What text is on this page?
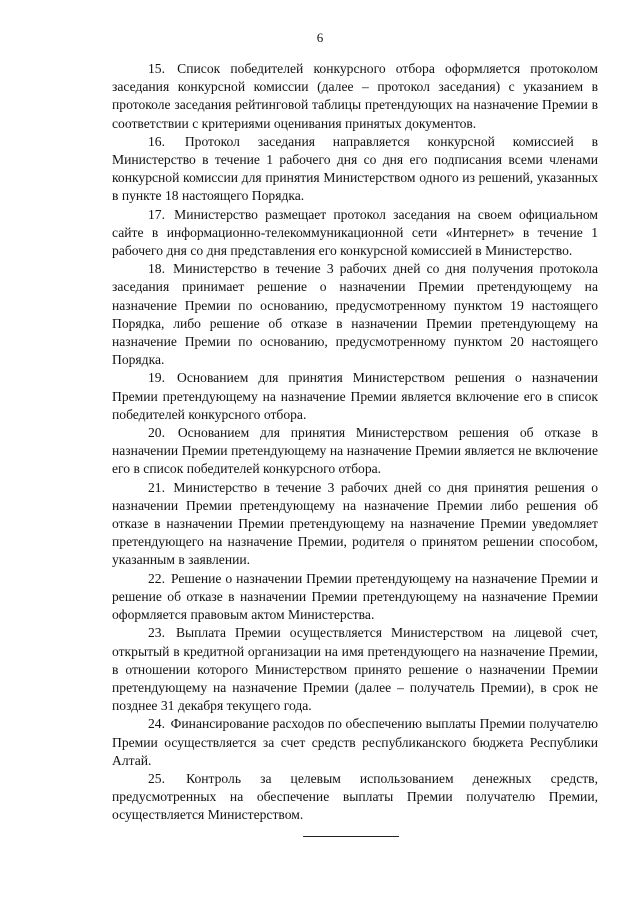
6

15. Список победителей конкурсного отбора оформляется протоколом заседания конкурсной комиссии (далее – протокол заседания) с указанием в протоколе заседания рейтинговой таблицы претендующих на назначение Премии в соответствии с критериями оценивания принятых документов.

16. Протокол заседания направляется конкурсной комиссией в Министерство в течение 1 рабочего дня со дня его подписания всеми членами конкурсной комиссии для принятия Министерством одного из решений, указанных в пункте 18 настоящего Порядка.

17. Министерство размещает протокол заседания на своем официальном сайте в информационно-телекоммуникационной сети «Интернет» в течение 1 рабочего дня со дня представления его конкурсной комиссией в Министерство.

18. Министерство в течение 3 рабочих дней со дня получения протокола заседания принимает решение о назначении Премии претендующему на назначение Премии по основанию, предусмотренному пунктом 19 настоящего Порядка, либо решение об отказе в назначении Премии претендующему на назначение Премии по основанию, предусмотренному пунктом 20 настоящего Порядка.

19. Основанием для принятия Министерством решения о назначении Премии претендующему на назначение Премии является включение его в список победителей конкурсного отбора.

20. Основанием для принятия Министерством решения об отказе в назначении Премии претендующему на назначение Премии является не включение его в список победителей конкурсного отбора.

21. Министерство в течение 3 рабочих дней со дня принятия решения о назначении Премии претендующему на назначение Премии либо решения об отказе в назначении Премии претендующему на назначение Премии уведомляет претендующего на назначение Премии, родителя о принятом решении способом, указанным в заявлении.

22. Решение о назначении Премии претендующему на назначение Премии и решение об отказе в назначении Премии претендующему на назначение Премии оформляется правовым актом Министерства.

23. Выплата Премии осуществляется Министерством на лицевой счет, открытый в кредитной организации на имя претендующего на назначение Премии, в отношении которого Министерством принято решение о назначении Премии претендующему на назначение Премии (далее – получатель Премии), в срок не позднее 31 декабря текущего года.

24. Финансирование расходов по обеспечению выплаты Премии получателю Премии осуществляется за счет средств республиканского бюджета Республики Алтай.

25. Контроль за целевым использованием денежных средств, предусмотренных на обеспечение выплаты Премии получателю Премии, осуществляется Министерством.
